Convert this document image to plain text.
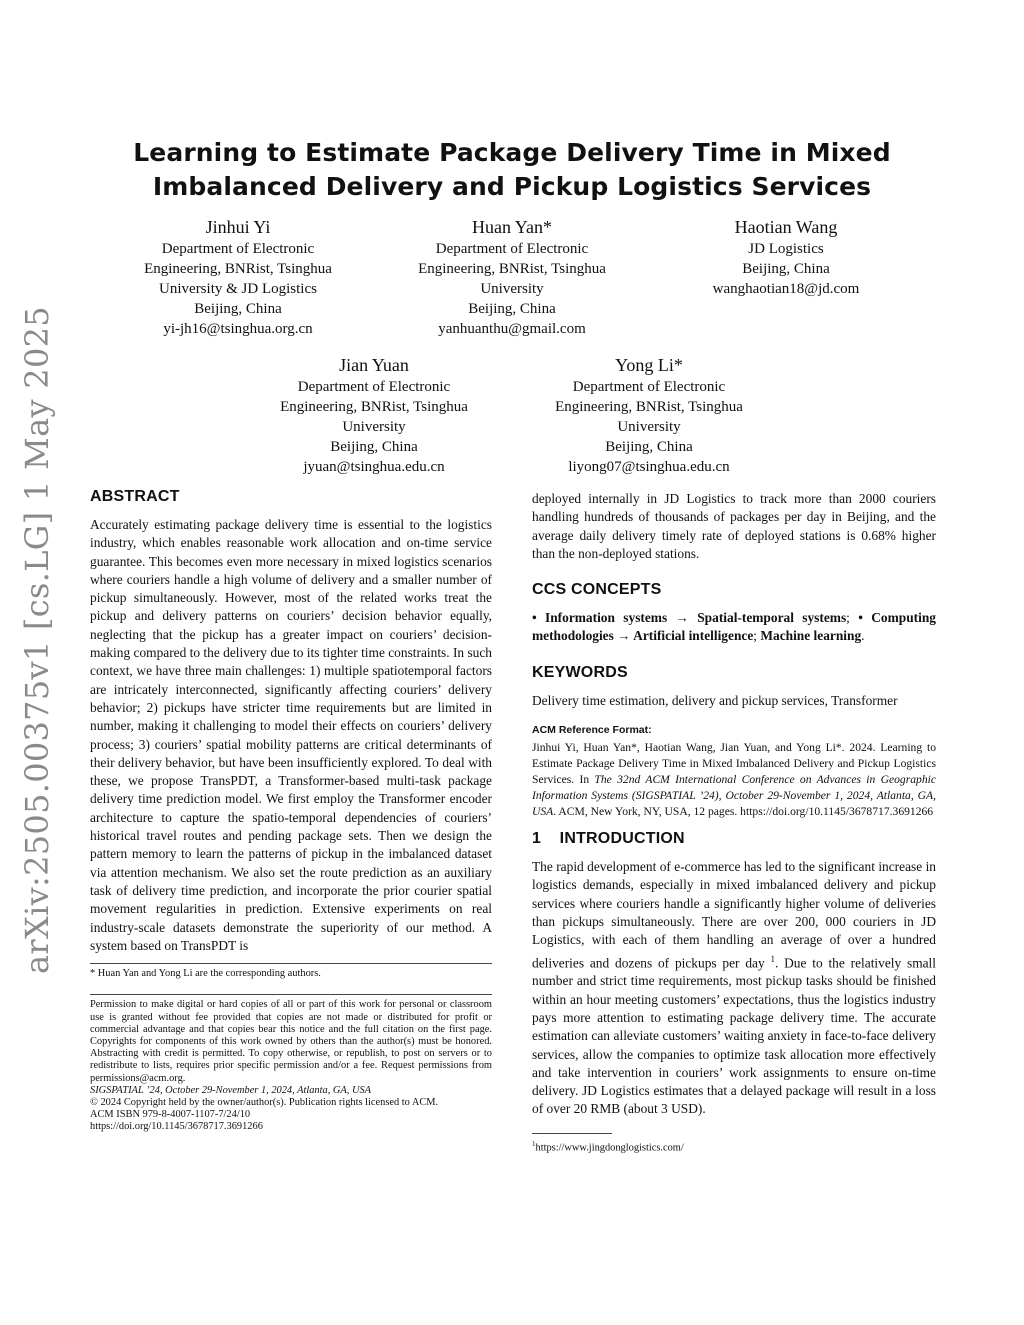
arXiv:2505.00375v1 [cs.LG] 1 May 2025
Learning to Estimate Package Delivery Time in Mixed
Imbalanced Delivery and Pickup Logistics Services
Jinhui Yi
Department of Electronic
Engineering, BNRist, Tsinghua
University & JD Logistics
Beijing, China
yi-jh16@tsinghua.org.cn
Huan Yan*
Department of Electronic
Engineering, BNRist, Tsinghua
University
Beijing, China
yanhuanthu@gmail.com
Haotian Wang
JD Logistics
Beijing, China
wanghaotian18@jd.com
Jian Yuan
Department of Electronic
Engineering, BNRist, Tsinghua
University
Beijing, China
jyuan@tsinghua.edu.cn
Yong Li*
Department of Electronic
Engineering, BNRist, Tsinghua
University
Beijing, China
liyong07@tsinghua.edu.cn
ABSTRACT

Accurately estimating package delivery time is essential to the logistics industry, which enables reasonable work allocation and on-time service guarantee. This becomes even more necessary in mixed logistics scenarios where couriers handle a high volume of delivery and a smaller number of pickup simultaneously. However, most of the related works treat the pickup and delivery patterns on couriers’ decision behavior equally, neglecting that the pickup has a greater impact on couriers’ decision-making compared to the delivery due to its tighter time constraints. In such context, we have three main challenges: 1) multiple spatiotemporal factors are intricately interconnected, significantly affecting couriers’ delivery behavior; 2) pickups have stricter time requirements but are limited in number, making it challenging to model their effects on couriers’ delivery process; 3) couriers’ spatial mobility patterns are critical determinants of their delivery behavior, but have been insufficiently explored. To deal with these, we propose TransPDT, a Transformer-based multi-task package delivery time prediction model. We first employ the Transformer encoder architecture to capture the spatio-temporal dependencies of couriers’ historical travel routes and pending package sets. Then we design the pattern memory to learn the patterns of pickup in the imbalanced dataset via attention mechanism. We also set the route prediction as an auxiliary task of delivery time prediction, and incorporate the prior courier spatial movement regularities in prediction. Extensive experiments on real industry-scale datasets demonstrate the superiority of our method. A system based on TransPDT is

* Huan Yan and Yong Li are the corresponding authors.
Permission to make digital or hard copies of all or part of this work for personal or classroom use is granted without fee provided that copies are not made or distributed for profit or commercial advantage and that copies bear this notice and the full citation on the first page. Copyrights for components of this work owned by others than the author(s) must be honored. Abstracting with credit is permitted. To copy otherwise, or republish, to post on servers or to redistribute to lists, requires prior specific permission and/or a fee. Request permissions from permissions@acm.org.
SIGSPATIAL ’24, October 29-November 1, 2024, Atlanta, GA, USA
© 2024 Copyright held by the owner/author(s). Publication rights licensed to ACM.
ACM ISBN 979-8-4007-1107-7/24/10
https://doi.org/10.1145/3678717.3691266

deployed internally in JD Logistics to track more than 2000 couriers handling hundreds of thousands of packages per day in Beijing, and the average daily delivery timely rate of deployed stations is 0.68% higher than the non-deployed stations.

CCS CONCEPTS
• Information systems → Spatial-temporal systems; • Computing methodologies → Artificial intelligence; Machine learning.
KEYWORDS

Delivery time estimation, delivery and pickup services, Transformer

ACM Reference Format:
Jinhui Yi, Huan Yan*, Haotian Wang, Jian Yuan, and Yong Li*. 2024. Learning to Estimate Package Delivery Time in Mixed Imbalanced Delivery and Pickup Logistics Services. In The 32nd ACM International Conference on Advances in Geographic Information Systems (SIGSPATIAL ’24), October 29-November 1, 2024, Atlanta, GA, USA. ACM, New York, NY, USA, 12 pages. https://doi.org/10.1145/3678717.3691266
1    INTRODUCTION

The rapid development of e-commerce has led to the significant increase in logistics demands, especially in mixed imbalanced delivery and pickup services where couriers handle a significantly higher volume of deliveries than pickups simultaneously. There are over 200, 000 couriers in JD Logistics, with each of them handling an average of over a hundred deliveries and dozens of pickups per day $^1$. Due to the relatively small number and strict time requirements, most pickup tasks should be finished within an hour meeting customers’ expectations, thus the logistics industry pays more attention to estimating package delivery time. The accurate estimation can alleviate customers’ waiting anxiety in face-to-face delivery services, allow the companies to optimize task allocation more effectively and take intervention in couriers’ work assignments to ensure on-time delivery. JD Logistics estimates that a delayed package will result in a loss of over 20 RMB (about 3 USD).

$^1$https://www.jingdonglogistics.com/
